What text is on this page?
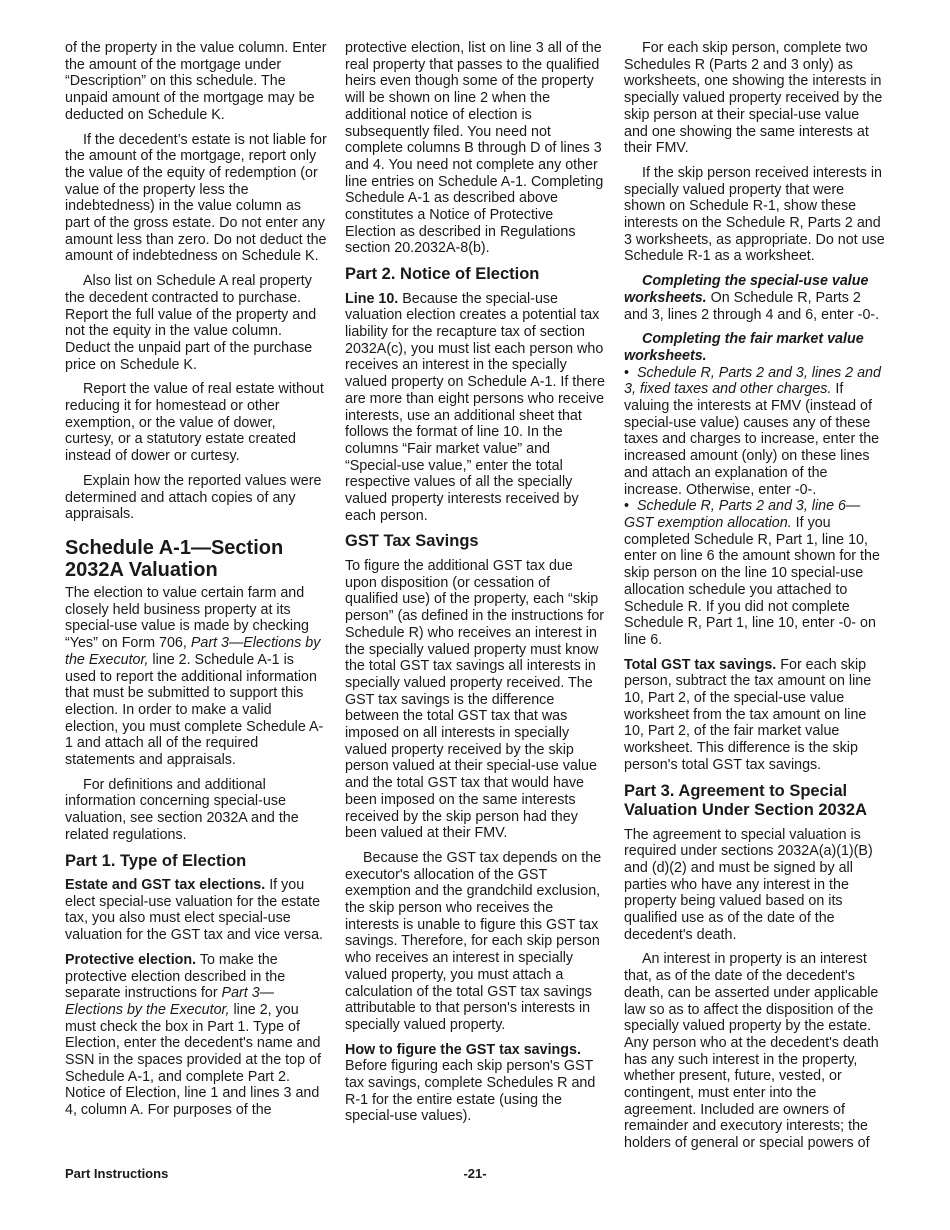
of the property in the value column. Enter the amount of the mortgage under “Description” on this schedule. The unpaid amount of the mortgage may be deducted on Schedule K.

If the decedent’s estate is not liable for the amount of the mortgage, report only the value of the equity of redemption (or value of the property less the indebtedness) in the value column as part of the gross estate. Do not enter any amount less than zero. Do not deduct the amount of indebtedness on Schedule K.

Also list on Schedule A real property the decedent contracted to purchase. Report the full value of the property and not the equity in the value column. Deduct the unpaid part of the purchase price on Schedule K.

Report the value of real estate without reducing it for homestead or other exemption, or the value of dower, curtesy, or a statutory estate created instead of dower or curtesy.

Explain how the reported values were determined and attach copies of any appraisals.

Schedule A-1—Section 2032A Valuation

The election to value certain farm and closely held business property at its special-use value is made by checking “Yes” on Form 706, Part 3—Elections by the Executor, line 2. Schedule A-1 is used to report the additional information that must be submitted to support this election. In order to make a valid election, you must complete Schedule A-1 and attach all of the required statements and appraisals.

For definitions and additional information concerning special-use valuation, see section 2032A and the related regulations.

Part 1. Type of Election

Estate and GST tax elections. If you elect special-use valuation for the estate tax, you also must elect special-use valuation for the GST tax and vice versa.

Protective election. To make the protective election described in the separate instructions for Part 3—Elections by the Executor, line 2, you must check the box in Part 1. Type of Election, enter the decedent's name and SSN in the spaces provided at the top of Schedule A-1, and complete Part 2. Notice of Election, line 1 and lines 3 and 4, column A. For purposes of the

protective election, list on line 3 all of the real property that passes to the qualified heirs even though some of the property will be shown on line 2 when the additional notice of election is subsequently filed. You need not complete columns B through D of lines 3 and 4. You need not complete any other line entries on Schedule A-1. Completing Schedule A-1 as described above constitutes a Notice of Protective Election as described in Regulations section 20.2032A-8(b).

Part 2. Notice of Election

Line 10. Because the special-use valuation election creates a potential tax liability for the recapture tax of section 2032A(c), you must list each person who receives an interest in the specially valued property on Schedule A-1. If there are more than eight persons who receive interests, use an additional sheet that follows the format of line 10. In the columns “Fair market value” and “Special-use value,” enter the total respective values of all the specially valued property interests received by each person.

GST Tax Savings

To figure the additional GST tax due upon disposition (or cessation of qualified use) of the property, each “skip person” (as defined in the instructions for Schedule R) who receives an interest in the specially valued property must know the total GST tax savings all interests in specially valued property received. The GST tax savings is the difference between the total GST tax that was imposed on all interests in specially valued property received by the skip person valued at their special-use value and the total GST tax that would have been imposed on the same interests received by the skip person had they been valued at their FMV.

Because the GST tax depends on the executor's allocation of the GST exemption and the grandchild exclusion, the skip person who receives the interests is unable to figure this GST tax savings. Therefore, for each skip person who receives an interest in specially valued property, you must attach a calculation of the total GST tax savings attributable to that person's interests in specially valued property.

How to figure the GST tax savings. Before figuring each skip person's GST tax savings, complete Schedules R and R-1 for the entire estate (using the special-use values).

For each skip person, complete two Schedules R (Parts 2 and 3 only) as worksheets, one showing the interests in specially valued property received by the skip person at their special-use value and one showing the same interests at their FMV.

If the skip person received interests in specially valued property that were shown on Schedule R-1, show these interests on the Schedule R, Parts 2 and 3 worksheets, as appropriate. Do not use Schedule R-1 as a worksheet.

Completing the special-use value worksheets. On Schedule R, Parts 2 and 3, lines 2 through 4 and 6, enter -0-.

Completing the fair market value worksheets.

•  Schedule R, Parts 2 and 3, lines 2 and 3, fixed taxes and other charges. If valuing the interests at FMV (instead of special-use value) causes any of these taxes and charges to increase, enter the increased amount (only) on these lines and attach an explanation of the increase. Otherwise, enter -0-.

•  Schedule R, Parts 2 and 3, line 6—GST exemption allocation. If you completed Schedule R, Part 1, line 10, enter on line 6 the amount shown for the skip person on the line 10 special-use allocation schedule you attached to Schedule R. If you did not complete Schedule R, Part 1, line 10, enter -0- on line 6.

Total GST tax savings. For each skip person, subtract the tax amount on line 10, Part 2, of the special-use value worksheet from the tax amount on line 10, Part 2, of the fair market value worksheet. This difference is the skip person's total GST tax savings.

Part 3. Agreement to Special Valuation Under Section 2032A

The agreement to special valuation is required under sections 2032A(a)(1)(B) and (d)(2) and must be signed by all parties who have any interest in the property being valued based on its qualified use as of the date of the decedent's death.

An interest in property is an interest that, as of the date of the decedent's death, can be asserted under applicable law so as to affect the disposition of the specially valued property by the estate. Any person who at the decedent's death has any such interest in the property, whether present, future, vested, or contingent, must enter into the agreement. Included are owners of remainder and executory interests; the holders of general or special powers of

-21-
Part Instructions
